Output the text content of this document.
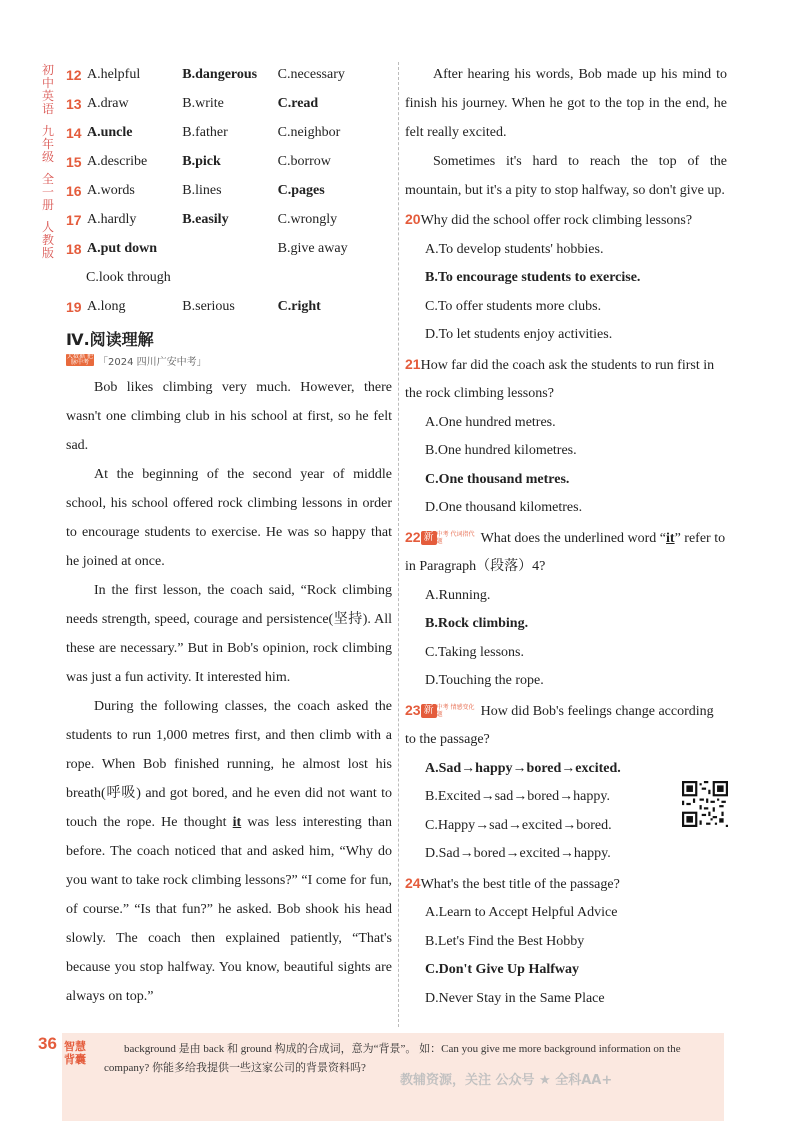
初中英语
九年级
全一册
人教版
12 A.helpful	B.dangerous	C.necessary
13 A.draw	B.write	C.read
14 A.uncle	B.father	C.neighbor
15 A.describe	B.pick	C.borrow
16 A.words	B.lines	C.pages
17 A.hardly	B.easily	C.wrongly
18 A.put down	B.give away
C.look through
19 A.long	B.serious	C.right
Ⅳ.阅读理解
大数据 把脉中考 「2024 四川广安中考」

Bob likes climbing very much. However, there wasn't one climbing club in his school at first, so he felt sad.

At the beginning of the second year of middle school, his school offered rock climbing lessons in order to encourage students to exercise. He was so happy that he joined at once.

In the first lesson, the coach said, “Rock climbing needs strength, speed, courage and persistence(坚持). All these are necessary.” But in Bob's opinion, rock climbing was just a fun activity. It interested him.

During the following classes, the coach asked the students to run 1,000 metres first, and then climb with a rope. When Bob finished running, he almost lost his breath(呼吸) and got bored, and he even did not want to touch the rope. He thought it was less interesting than before. The coach noticed that and asked him, “Why do you want to take rock climbing lessons?” “I come for fun, of course.” “Is that fun?” he asked. Bob shook his head slowly. The coach then explained patiently, “That's because you stop halfway. You know, beautiful sights are always on top.”

After hearing his words, Bob made up his mind to finish his journey. When he got to the top in the end, he felt really excited.

Sometimes it's hard to reach the top of the mountain, but it's a pity to stop halfway, so don't give up.

20Why did the school offer rock climbing lessons?
A.To develop students' hobbies.
B.To encourage students to exercise.
C.To offer students more clubs.
D.To let students enjoy activities.
21How far did the coach ask the students to run first in the rock climbing lessons?
A.One hundred metres.
B.One hundred kilometres.
C.One thousand metres.
D.One thousand kilometres.
22 新 中考 代词指代题	What does the underlined word “it” refer to in Paragraph（段落）4?
A.Running.
B.Rock climbing.
C.Taking lessons.
D.Touching the rope.
23 新 中考 情感变化题	How did Bob's feelings change according to the passage?
A.Sad→happy→bored→excited.
B.Excited→sad→bored→happy.
C.Happy→sad→excited→bored.
D.Sad→bored→excited→happy.
24What's the best title of the passage?
A.Learn to Accept Helpful Advice
B.Let's Find the Best Hobby
C.Don't Give Up Halfway
D.Never Stay in the Same Place
36 智慧背囊
background 是由 back 和 ground 构成的合成词，意为“背景”。 如：Can you give me more background information on the company? 你能多给我提供一些这家公司的背景资料吗?
教辅资源，关注 公众号 ★ 全科AA+
